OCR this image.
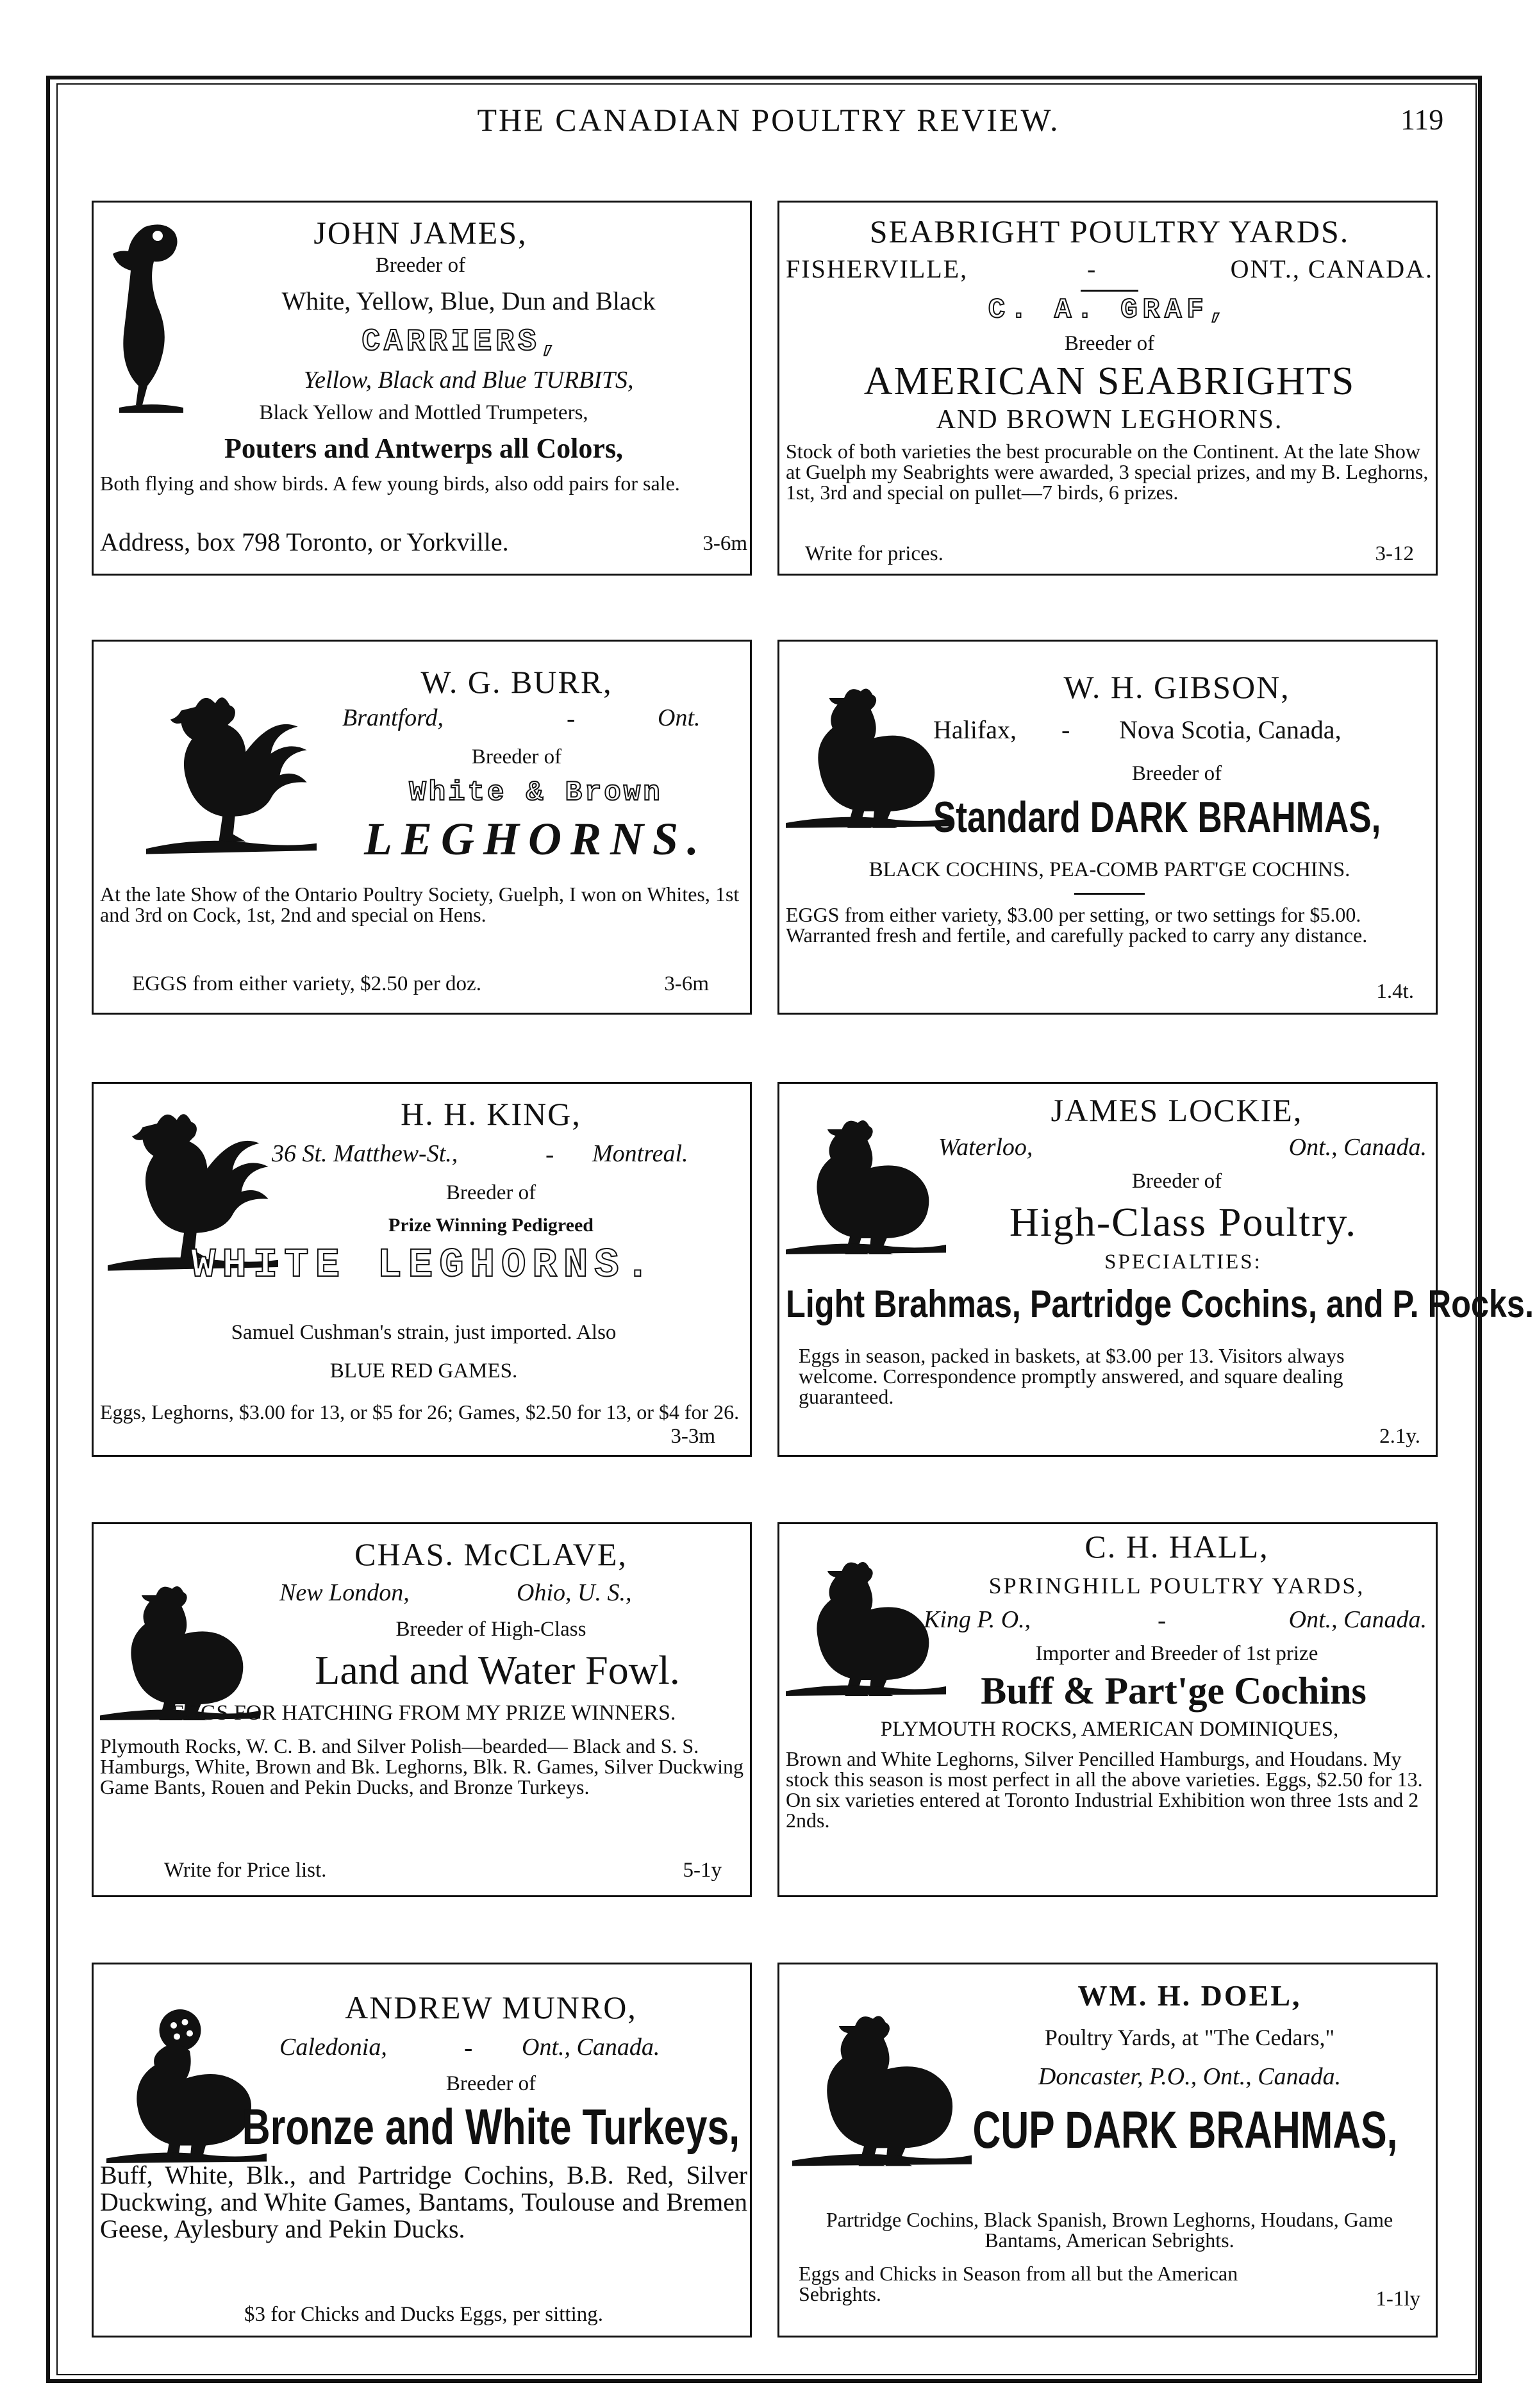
THE CANADIAN POULTRY REVIEW.	119
JOHN JAMES,
Breeder of
White, Yellow, Blue, Dun and Black
CARRIERS,
Yellow, Black and Blue TURBITS,
Black Yellow and Mottled Trumpeters,
Pouters and Antwerps all Colors,
Both flying and show birds. A few young birds, also odd pairs for sale.
Address, box 798 Toronto, or Yorkville.	3-6m
SEABRIGHT POULTRY YARDS.
FISHERVILLE,	-	ONT., CANADA.
C. A. GRAF,
Breeder of
AMERICAN SEABRIGHTS
AND BROWN LEGHORNS.
Stock of both varieties the best procurable on the Continent. At the late Show at Guelph my Seabrights were awarded, 3 special prizes, and my B. Leghorns, 1st, 3rd and special on pullet—7 birds, 6 prizes.
Write for prices.	3-12
W. G. BURR,
Brantford,	-	Ont.
Breeder of
White & Brown
LEGHORNS.
At the late Show of the Ontario Poultry Society, Guelph, I won on Whites, 1st and 3rd on Cock, 1st, 2nd and special on Hens.
EGGS from either variety, $2.50 per doz.	3-6m
W. H. GIBSON,
Halifax, - Nova Scotia, Canada,
Breeder of
Standard DARK BRAHMAS,
BLACK COCHINS, PEA-COMB PART'GE COCHINS.
EGGS from either variety, $3.00 per setting, or two settings for $5.00. Warranted fresh and fertile, and carefully packed to carry any distance.
1.4t.
H. H. KING,
36 St. Matthew-St.,	- Montreal.
Breeder of
Prize Winning Pedigreed
WHITE LEGHORNS.
Samuel Cushman's strain, just imported. Also
BLUE RED GAMES.
Eggs, Leghorns, $3.00 for 13, or $5 for 26; Games, $2.50 for 13, or $4 for 26.
3-3m
JAMES LOCKIE,
Waterloo,	Ont., Canada.
Breeder of
High-Class Poultry.
SPECIALTIES:
Light Brahmas, Partridge Cochins, and P. Rocks.
Eggs in season, packed in baskets, at $3.00 per 13. Visitors always welcome. Correspondence promptly answered, and square dealing guaranteed.
2.1y.
CHAS. McCLAVE,
New London,	Ohio, U. S.,
Breeder of High-Class
Land and Water Fowl.
EGGS FOR HATCHING FROM MY PRIZE WINNERS.
Plymouth Rocks, W. C. B. and Silver Polish—bearded— Black and S. S. Hamburgs, White, Brown and Bk. Leghorns, Blk. R. Games, Silver Duckwing Game Bants, Rouen and Pekin Ducks, and Bronze Turkeys.
Write for Price list.	5-1y
C. H. HALL,
SPRINGHILL POULTRY YARDS,
King P. O.,	-	Ont., Canada.
Importer and Breeder of 1st prize
Buff & Part'ge Cochins
PLYMOUTH ROCKS, AMERICAN DOMINIQUES,
Brown and White Leghorns, Silver Pencilled Hamburgs, and Houdans. My stock this season is most perfect in all the above varieties. Eggs, $2.50 for 13. On six varieties entered at Toronto Industrial Exhibition won three 1sts and 2 2nds.
ANDREW MUNRO,
Caledonia,	- Ont., Canada.
Breeder of
Bronze and White Turkeys,
Buff, White, Blk., and Partridge Cochins, B.B. Red, Silver Duckwing, and White Games, Bantams, Toulouse and Bremen Geese, Aylesbury and Pekin Ducks.
$3 for Chicks and Ducks Eggs, per sitting.
WM. H. DOEL,
Poultry Yards, at "The Cedars,"
Doncaster, P.O., Ont., Canada.
CUP DARK BRAHMAS,
Partridge Cochins, Black Spanish, Brown Leghorns, Houdans, Game Bantams, American Sebrights.
Eggs and Chicks in Season from all but the American Sebrights.	1-1ly
